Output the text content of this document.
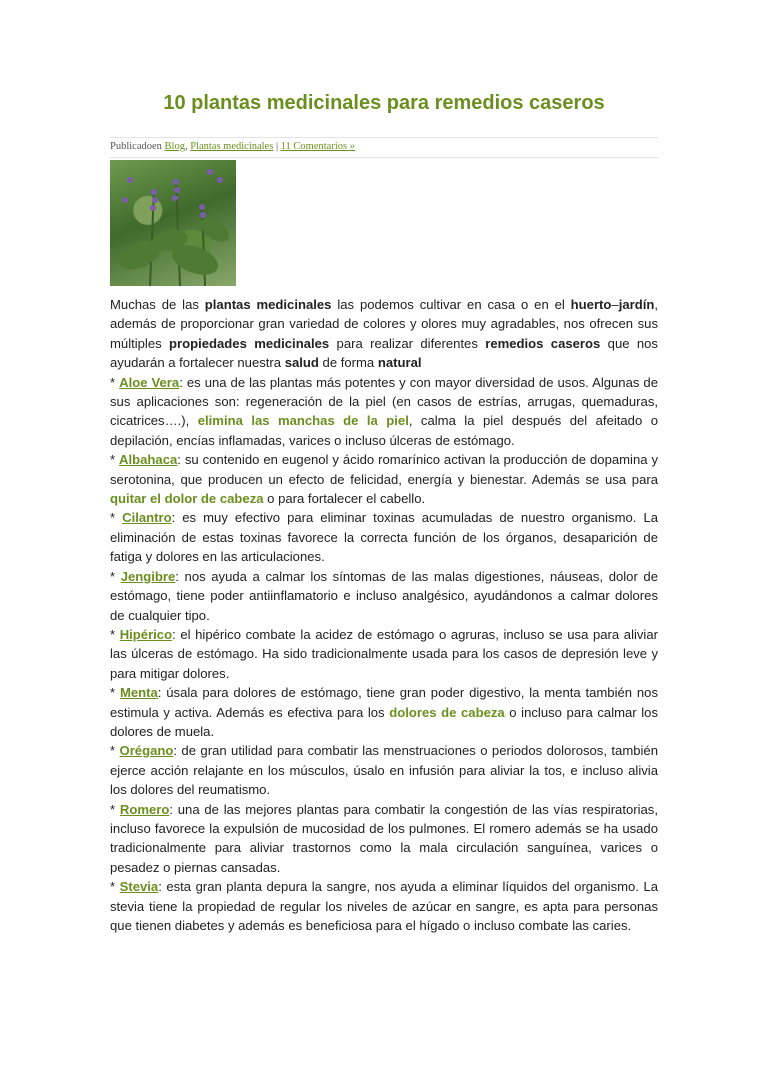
10 plantas medicinales para remedios caseros
Publicadoen Blog, Plantas medicinales | 11 Comentarios »

Muchas de las plantas medicinales las podemos cultivar en casa o en el huerto–jardín, además de proporcionar gran variedad de colores y olores muy agradables, nos ofrecen sus múltiples propiedades medicinales para realizar diferentes remedios caseros que nos ayudarán a fortalecer nuestra salud de forma natural

* Aloe Vera: es una de las plantas más potentes y con mayor diversidad de usos. Algunas de sus aplicaciones son: regeneración de la piel (en casos de estrías, arrugas, quemaduras, cicatrices….), elimina las manchas de la piel, calma la piel después del afeitado o depilación, encías inflamadas, varices o incluso úlceras de estómago.

* Albahaca: su contenido en eugenol y ácido romarínico activan la producción de dopamina y serotonina, que producen un efecto de felicidad, energía y bienestar. Además se usa para quitar el dolor de cabeza o para fortalecer el cabello.

* Cilantro: es muy efectivo para eliminar toxinas acumuladas de nuestro organismo. La eliminación de estas toxinas favorece la correcta función de los órganos, desaparición de fatiga y dolores en las articulaciones.

* Jengibre: nos ayuda a calmar los síntomas de las malas digestiones, náuseas, dolor de estómago, tiene poder antiinflamatorio e incluso analgésico, ayudándonos a calmar dolores de cualquier tipo.

* Hipérico: el hipérico combate la acidez de estómago o agruras, incluso se usa para aliviar las úlceras de estómago. Ha sido tradicionalmente usada para los casos de depresión leve y para mitigar dolores.

* Menta: úsala para dolores de estómago, tiene gran poder digestivo, la menta también nos estimula y activa. Además es efectiva para los dolores de cabeza o incluso para calmar los dolores de muela.

* Orégano: de gran utilidad para combatir las menstruaciones o periodos dolorosos, también ejerce acción relajante en los músculos, úsalo en infusión para aliviar la tos, e incluso alivia los dolores del reumatismo.

* Romero: una de las mejores plantas para combatir la congestión de las vías respiratorias, incluso favorece la expulsión de mucosidad de los pulmones. El romero además se ha usado tradicionalmente para aliviar trastornos como la mala circulación sanguínea, varices o pesadez o piernas cansadas.

* Stevia: esta gran planta depura la sangre, nos ayuda a eliminar líquidos del organismo. La stevia tiene la propiedad de regular los niveles de azúcar en sangre, es apta para personas que tienen diabetes y además es beneficiosa para el hígado o incluso combate las caries.
